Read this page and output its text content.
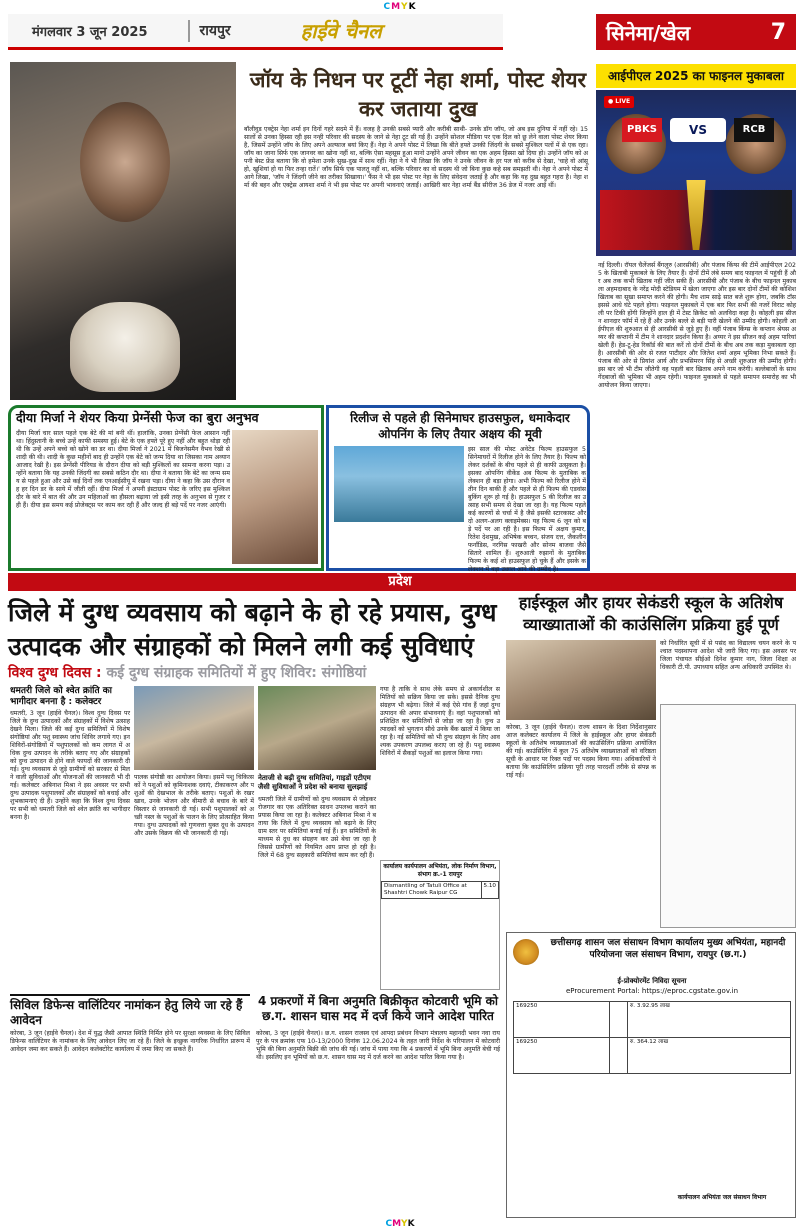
CMYK
मंगलवार 3 जून 2025	रायपुर	हाईवे चैनल	सिनेमा/खेल	7
जॉय के निधन पर टूटीं नेहा शर्मा, पोस्ट शेयर कर जताया दुख
बॉलीवुड एक्ट्रेस नेहा शर्मा इन दिनों गहरे सदमे में हैं। वजह है उनकी सबसे प्यारी और करीबी साथी- उनके डॉग जॉय, जो अब इस दुनिया में नहीं रहे। 15 सालों से उनका हिस्सा रही इस नन्ही परिवार की सदस्य के जाने से नेहा टूट सी गई हैं। उन्होंने सोशल मीडिया पर एक दिल को छू लेने वाला पोस्ट शेयर किया है, जिसमें उन्होंने जॉय के लिए अपने अल्फाज बयां किए हैं। नेहा ने अपने पोस्ट में लिखा कि बीते हफ्ते उनकी जिंदगी के सबसे मुश्किल पलों में से एक रहा। जॉय का जाना सिर्फ एक जानवर का खोना नहीं था, बल्कि ऐसा महसूस हुआ मानो उन्होंने अपने जीवन का एक अहम हिस्सा खो दिया हो। उन्होंने जॉय को अपनी बेस्ट फ्रेंड बताया कि वो हमेशा उनके सुख-दुख में साथ रहीं। नेहा ने ये भी लिखा कि जॉय ने उनके जीवन के हर पल को करीब से देखा, 'चाहे वो आंसू हो, खुशियां हो या फिर तन्हा रातें।' जॉय सिर्फ एक पालतू नहीं था, बल्कि परिवार का वो सदस्य थी जो बिना कुछ कहे सब समझती थी। नेहा ने अपने पोस्ट में आगे लिखा, 'जॉय ने जिंदगी जीने का तरीका सिखाया।' फैंस ने भी इस पोस्ट पर नेहा के लिए संवेदना जताई है और कहा कि यह दुख बहुत गहरा है। नेहा शर्मा की बहन और एक्ट्रेस आयशा शर्मा ने भी इस पोस्ट पर अपनी भावनाएं जताईं। आखिरी बार नेहा शर्मा बैंड सीरीज 36 डेज में नजर आई थीं।
आईपीएल 2025 का फाइनल मुकाबला
● LIVE
PBKS	VS	RCB
नई दिल्ली। रॉयल चैलेंजर्स बैंगलुरु (आरसीबी) और पंजाब किंग्स की टीमें आईपीएल 2025 के खिताबी मुकाबले के लिए तैयार हैं। दोनों टीमें लंबे समय बाद फाइनल में पहुंची हैं और अब तक कभी खिताब नहीं जीत सकी हैं। आरसीबी और पंजाब के बीच फाइनल मुकाबला अहमदाबाद के नरेंद्र मोदी स्टेडियम में खेला जाएगा और इस बार दोनों टीमों की कोशिश खिताब का सूखा समाप्त करने की होगी। मैच शाम साढ़े सात बजे शुरू होगा, जबकि टॉस इससे आधे घंटे पहले होगा। फाइनल मुकाबले में एक बार फिर सभी की नजरें विराट कोहली पर टिकी होंगी जिन्होंने हाल ही में टेस्ट क्रिकेट को अलविदा कहा है। कोहली इस सीजन शानदार फॉर्म में रहे हैं और उनके बल्ले से बड़ी पारी खेलने की उम्मीद होगी। कोहली आईपीएल की शुरुआत से ही आरसीबी से जुड़े हुए हैं। वहीं पंजाब किंग्स के कप्तान श्रेयस अय्यर की कप्तानी में टीम ने शानदार प्रदर्शन किया है। अय्यर ने इस सीजन कई अहम पारियां खेली हैं। हेड-टू-हेड रिकॉर्ड की बात करें तो दोनों टीमों के बीच अब तक कड़ा मुकाबला रहा है। आरसीबी की ओर से रजत पाटीदार और जितेश शर्मा अहम भूमिका निभा सकते हैं। पंजाब की ओर से प्रियांश आर्य और प्रभसिमरन सिंह से अच्छी शुरुआत की उम्मीद होगी। इस बार जो भी टीम जीतेगी वह पहली बार खिताब अपने नाम करेगी। बल्लेबाजों के साथ गेंदबाजों की भूमिका भी अहम रहेगी। फाइनल मुकाबले से पहले समापन समारोह का भी आयोजन किया जाएगा।
दीया मिर्जा ने शेयर किया प्रेग्नेंसी फेज का बुरा अनुभव
दीया मिर्जा चार साल पहले एक बेटे की मां बनी थीं। हालांकि, उनका प्रेग्नेंसी फेज आसान नहीं था। हिंदुस्तानी के बच्चे उन्हें काफी समस्या हुई। बेटे के एक हफ्ते पूरे हुए नहीं और बहुत थोड़ा रही थी कि उन्हें अपने बच्चे को खोने का डर था। दीया मिर्जा ने 2021 में बिजनेसमैन वैभव रेखी से शादी की थी। शादी के कुछ महीनों बाद ही उन्होंने एक बेटे को जन्म दिया था जिसका नाम अव्यान आजाद रेखी है। इस प्रेग्नेंसी पीरियड के दौरान दीया को बड़ी मुश्किलों का सामना करना पड़ा। उन्होंने बताया कि यह उनकी जिंदगी का सबसे कठिन दौर था। दीया ने बताया कि बेटे का जन्म समय से पहले हुआ और उसे कई दिनों तक एनआईसीयू में रखना पड़ा। दीया ने कहा कि उस दौरान वह हर दिन डर के साये में जीती रहीं। दीया मिर्जा ने अपनी इंस्टाग्राम पोस्ट के जरिए इस मुश्किल दौर के बारे में बात की और उन महिलाओं का हौसला बढ़ाया जो इसी तरह के अनुभव से गुजर रही हैं। दीया इस समय कई प्रोजेक्ट्स पर काम कर रही हैं और जल्द ही बड़े पर्दे पर नजर आएंगी।
रिलीज से पहले ही सिनेमाघर हाउसफुल, धमाकेदार ओपनिंग के लिए तैयार अक्षय की मूवी
इस साल की मोस्ट अवेटेड फिल्म हाउसफुल 5 सिनेमाघरों में रिलीज होने के लिए तैयार है। फिल्म को लेकर दर्शकों के बीच पहले से ही काफी उत्सुकता है। इसका ओपनिंग वीकेंड अब फिल्म के मुताबिक कलेक्शन ही बड़ा होगा। अभी फिल्म को रिलीज होने में तीन दिन बाकी हैं और पहले से ही फिल्म की एडवांस बुकिंग शुरू हो गई है। हाउसफुल 5 की रिलीज का उत्साह सभी समय से देखा जा रहा है। यह फिल्म पहले कई कारणों से चर्चा में है जैसे इसकी स्टारकास्ट और दो अलग-अलग क्लाइमेक्स। यह फिल्म 6 जून को बड़े पर्दे पर आ रही है। इस फिल्म में अक्षय कुमार, रितेश देशमुख, अभिषेक बच्चन, संजय दत्त, जैकलीन फर्नांडिस, नरगिस फाखरी और सोनम बाजवा जैसे सितारे शामिल हैं। शुरुआती रुझानों के मुताबिक फिल्म के कई शो हाउसफुल हो चुके हैं और इसके कलेक्शन में बड़ा उछाल आने की उम्मीद है।
प्रदेश
जिले में दुग्ध व्यवसाय को बढ़ाने के हो रहे प्रयास, दुग्ध उत्पादक और संग्राहकों को मिलने लगी कई सुविधाएं
विश्व दुग्ध दिवस : कई दुग्ध संग्राहक समितियों में हुए शिविर: संगोष्ठियां
धमतरी जिले को श्वेत क्रांति का भागीदार बनना है : कलेक्टर
धमतरी, 3 जून (हाईवे चैनल)। विश्व दुग्ध दिवस पर जिले के दुग्ध उत्पादकों और संग्राहकों में विशेष उत्साह देखने मिला। जिले की कई दुग्ध समितियों में विशेष संगोष्ठियां और पशु स्वास्थ्य जांच शिविर लगाये गए। इन शिविरों-संगोष्ठियों में पशुपालकों को कम लागत में अधिक दुग्ध उत्पादन के तरीके बताए गए और संग्राहकों को दुग्ध उत्पादन से होने वाले फायदों की जानकारी दी गई। दुग्ध व्यवसाय से जुड़े ग्रामीणों को सरकार से मिलने वाली सुविधाओं और योजनाओं की जानकारी भी दी गई। कलेक्टर अबिनाश मिश्रा ने इस अवसर पर सभी दुग्ध उत्पादक पशुपालकों और संग्राहकों को बधाई और शुभकामनाएं दी हैं। उन्होंने कहा कि विश्व दुग्ध दिवस पर सभी को धमतरी जिले को श्वेत क्रांति का भागीदार बनना है।
पालक संगोष्ठी का आयोजन किया। इसमें पशु चिकित्सकों ने पशुओं को कृमिनाशक दवाएं, टीकाकरण और पशुओं की देखभाल के तरीके बताए। पशुओं के रखरखाव, उनके भोजन और बीमारी से बचाव के बारे में विस्तार से जानकारी दी गई। सभी पशुपालकों को अच्छी नस्ल के पशुओं के पालन के लिए प्रोत्साहित किया गया। दुग्ध उत्पादकों को गुणवत्ता युक्त दूध के उत्पादन और उसके विक्रय की भी जानकारी दी गई।
नेताजी से बढ़ी दुग्ध समितियां, गाइडों एटीएम जैसी सुविधाओं ने प्रदेश को बनाया सुलझाई
धमतरी जिले में ग्रामीणों को दुग्ध व्यवसाय से जोड़कर रोजगार का एक अतिरिक्त साधन उपलब्ध कराने का प्रयास किया जा रहा है। कलेक्टर अबिनाश मिश्रा ने बताया कि जिले में दुग्ध व्यवसाय को बढ़ाने के लिए ग्राम स्तर पर समितियां बनाई गई हैं। इन समितियों के माध्यम से दूध का संग्रहण कर उसे बेचा जा रहा है जिससे ग्रामीणों को नियमित आय प्राप्त हो रही है। जिले में 68 दुग्ध सहकारी समितियां काम कर रही हैं।
गया है ताकि वे साथ लेके समय से अकार्यशील समितियों को सक्रिय किया जा सके। इससे दैनिक दुग्ध संग्रहण भी बढ़ेगा। जिले में कई ऐसे गांव हैं जहां दुग्ध उत्पादन की अपार संभावनाएं हैं। वहां पशुपालकों को प्रशिक्षित कर समितियों से जोड़ा जा रहा है। दुग्ध उत्पादकों को भुगतान सीधे उनके बैंक खातों में किया जा रहा है। नई समितियों को भी दुग्ध संग्रहण के लिए आवश्यक उपकरण उपलब्ध कराए जा रहे हैं। पशु स्वास्थ्य शिविरों में सैकड़ों पशुओं का इलाज किया गया।
कार्यालय कार्यपालन अभियंता, लोक निर्माण विभाग, संभाग क्र.-1 रायपुर
Dismantling of Tatuli Office at Shashtri Chowk Raipur CG	5.10
सिविल डिफेन्स वालिंटियर नामांकन हेतु लिये जा रहे हैं आवेदन
कोरबा, 3 जून (हाईवे चैनल)। देश में युद्ध जैसी आपात स्थिति निर्मित होने पर सुरक्षा व्यवस्था के लिए सिविल डिफेन्स वालिंटियर के नामांकन के लिए आवेदन लिए जा रहे हैं। जिले के इच्छुक नागरिक निर्धारित प्रारूप में आवेदन जमा कर सकते हैं। आवेदन कलेक्टोरेट कार्यालय में जमा किए जा सकते हैं।
4 प्रकरणों में बिना अनुमति बिक्रीकृत कोटवारी भूमि को छ.ग. शासन घास मद में दर्ज किये जाने आदेश पारित
कोरबा, 3 जून (हाईवे चैनल)। छ.ग. शासन राजस्व एवं आपदा प्रबंधन विभाग मंत्रालय महानदी भवन नवा रायपुर के पत्र क्रमांक एफ 10-13/2000 दिनांक 12.06.2024 के तहत जारी निर्देश के परिपालन में कोटवारी भूमि की बिना अनुमति बिक्री की जांच की गई। जांच में पाया गया कि 4 प्रकरणों में भूमि बिना अनुमति बेची गई थी। इसलिए इन भूमियों को छ.ग. शासन घास मद में दर्ज करने का आदेश पारित किया गया है।
हाईस्कूल और हायर सेकंडरी स्कूल के अतिशेष व्याख्याताओं की काउंसिलिंग प्रक्रिया हुई पूर्ण
कोरबा, 3 जून (हाईवे चैनल)। राज्य शासन के दिशा निर्देशानुसार आज कलेक्टर कार्यालय में जिले के हाईस्कूल और हायर सेकंडरी स्कूलों के अतिशेष व्याख्याताओं की काउंसिलिंग प्रक्रिया आयोजित की गई। काउंसिलिंग में कुल 75 अतिशेष व्याख्याताओं को वरिष्ठता सूची के आधार पर रिक्त पदों पर पदस्थ किया गया। अधिकारियों ने बताया कि काउंसिलिंग प्रक्रिया पूरी तरह पारदर्शी तरीके से संपन्न कराई गई।
को निर्धारित सूची में से पसंद का विद्यालय चयन करने के पश्चात पदस्थापना आदेश भी जारी किए गए। इस अवसर पर जिला पंचायत सीईओ दिनेश कुमार नाग, जिला शिक्षा अधिकारी टी.पी. उपाध्याय सहित अन्य अधिकारी उपस्थित थे।
छत्तीसगढ़ शासन जल संसाधन विभाग कार्यालय मुख्य अभियंता, महानदी परियोजना जल संसाधन विभाग, रायपुर (छ.ग.)
ई-प्रोक्योरमेंट निविदा सूचना
eProcurement Portal: https://eproc.cgstate.gov.in
169250		रु. 3.92.95 लाख
169250		रु. 364.12 लाख
कार्यपालन अभियंता जल संसाधन विभाग
CMYK
